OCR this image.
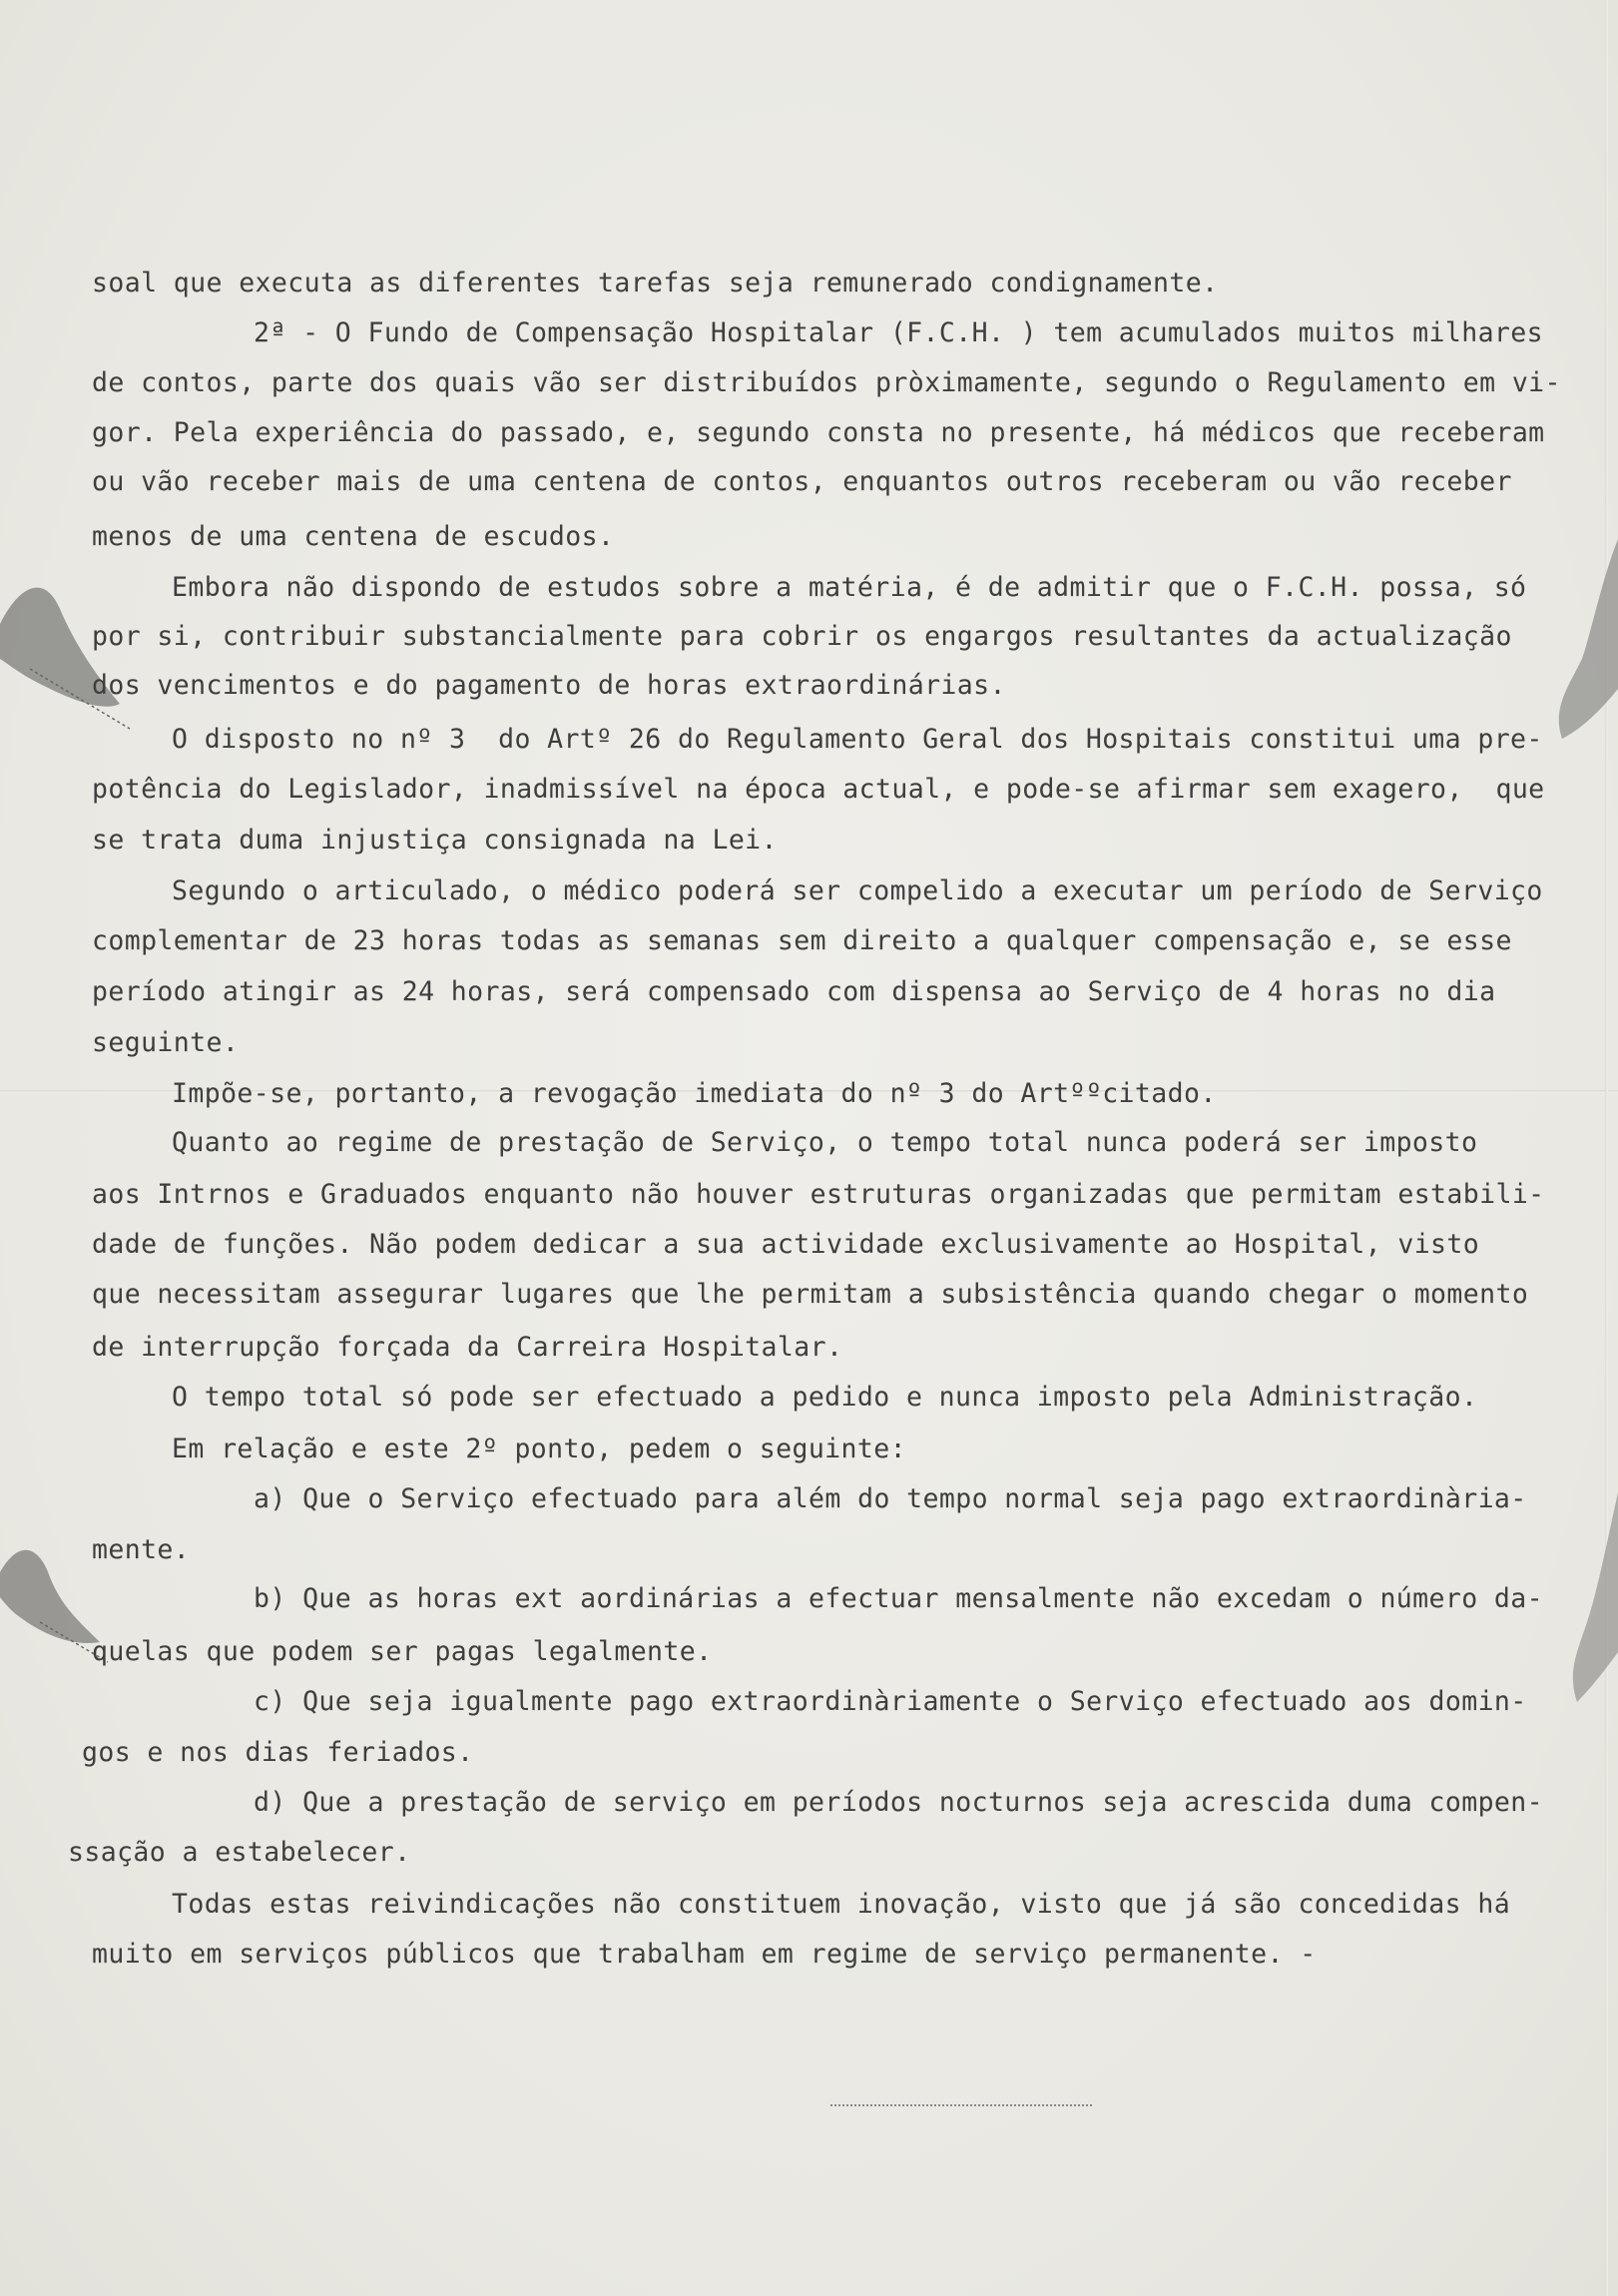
soal que executa as diferentes tarefas seja remunerado condignamente.
2ª - O Fundo de Compensação Hospitalar (F.C.H. ) tem acumulados muitos milhares
de contos, parte dos quais vão ser distribuídos pròximamente, segundo o Regulamento em vi-
gor. Pela experiência do passado, e, segundo consta no presente, há médicos que receberam
ou vão receber mais de uma centena de contos, enquantos outros receberam ou vão receber
menos de uma centena de escudos.
Embora não dispondo de estudos sobre a matéria, é de admitir que o F.C.H. possa, só
por si, contribuir substancialmente para cobrir os engargos resultantes da actualização
dos vencimentos e do pagamento de horas extraordinárias.
O disposto no nº 3  do Artº 26 do Regulamento Geral dos Hospitais constitui uma pre-
potência do Legislador, inadmissível na época actual, e pode-se afirmar sem exagero,  que
se trata duma injustiça consignada na Lei.
Segundo o articulado, o médico poderá ser compelido a executar um período de Serviço
complementar de 23 horas todas as semanas sem direito a qualquer compensação e, se esse
período atingir as 24 horas, será compensado com dispensa ao Serviço de 4 horas no dia
seguinte.
Impõe-se, portanto, a revogação imediata do nº 3 do Artººcitado.
Quanto ao regime de prestação de Serviço, o tempo total nunca poderá ser imposto
aos Intrnos e Graduados enquanto não houver estruturas organizadas que permitam estabili-
dade de funções. Não podem dedicar a sua actividade exclusivamente ao Hospital, visto
que necessitam assegurar lugares que lhe permitam a subsistência quando chegar o momento
de interrupção forçada da Carreira Hospitalar.
O tempo total só pode ser efectuado a pedido e nunca imposto pela Administração.
Em relação e este 2º ponto, pedem o seguinte:
a) Que o Serviço efectuado para além do tempo normal seja pago extraordinària-
mente.
b) Que as horas ext aordinárias a efectuar mensalmente não excedam o número da-
quelas que podem ser pagas legalmente.
c) Que seja igualmente pago extraordinàriamente o Serviço efectuado aos domin-
gos e nos dias feriados.
d) Que a prestação de serviço em períodos nocturnos seja acrescida duma compen-
ssação a estabelecer.
Todas estas reivindicações não constituem inovação, visto que já são concedidas há
muito em serviços públicos que trabalham em regime de serviço permanente. -
